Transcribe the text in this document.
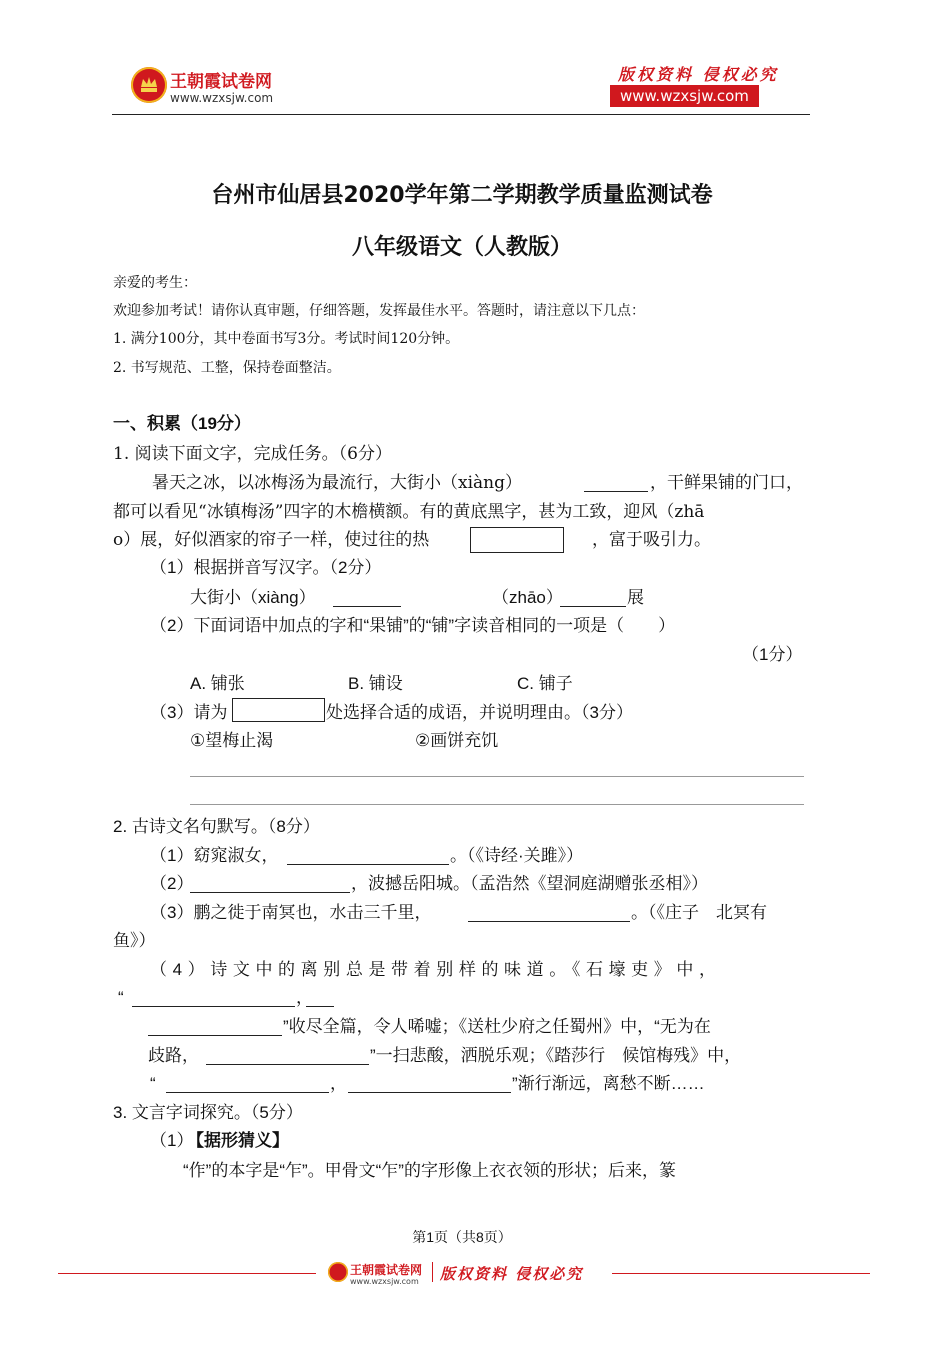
王朝霞试卷网
www.wzxsjw.com
版权资料 侵权必究
www.wzxsjw.com
台州市仙居县2020学年第二学期教学质量监测试卷
八年级语文（人教版）
亲爱的考生：
欢迎参加考试！请你认真审题，仔细答题，发挥最佳水平。答题时，请注意以下几点：
1. 满分100分，其中卷面书写3分。考试时间120分钟。
2. 书写规范、工整，保持卷面整洁。
一、积累（19分）
1. 阅读下面文字，完成任务。（6分）
暑天之冰，以冰梅汤为最流行，大街小（xiàng）	，干鲜果铺的门口，
都可以看见“冰镇梅汤”四字的木檐横额。有的黄底黑字，甚为工致，迎风（zhā
o）展，好似酒家的帘子一样，使过往的热	，富于吸引力。
（1）根据拼音写汉字。（2分）
大街小（xiàng）	（zhāo）	展
（2）下面词语中加点的字和“果铺”的“铺”字读音相同的一项是（　　）
（1分）
A. 铺张	B. 铺设	C. 铺子
（3）请为	处选择合适的成语，并说明理由。（3分）
①望梅止渴	②画饼充饥
2. 古诗文名句默写。（8分）
（1）窈窕淑女，	。（《诗经·关雎》）
（2）	，波撼岳阳城。（孟浩然《望洞庭湖赠张丞相》）
（3）鹏之徙于南冥也，水击三千里，	。（《庄子　北冥有
鱼》）
（4）诗文中的离别总是带着别样的味道。《石壕吏》中，
“	，
”收尽全篇，令人唏嘘；《送杜少府之任蜀州》中，“无为在
歧路，	”一扫悲酸，洒脱乐观；《踏莎行　候馆梅残》中，
“	，	”渐行渐远，离愁不断……
3. 文言字词探究。（5分）
（1）
【据形猜义】
“作”的本字是“乍”。甲骨文“乍”的字形像上衣衣领的形状；后来，篆
第1页（共8页）
王朝霞试卷网
www.wzxsjw.com 版权资料 侵权必究
